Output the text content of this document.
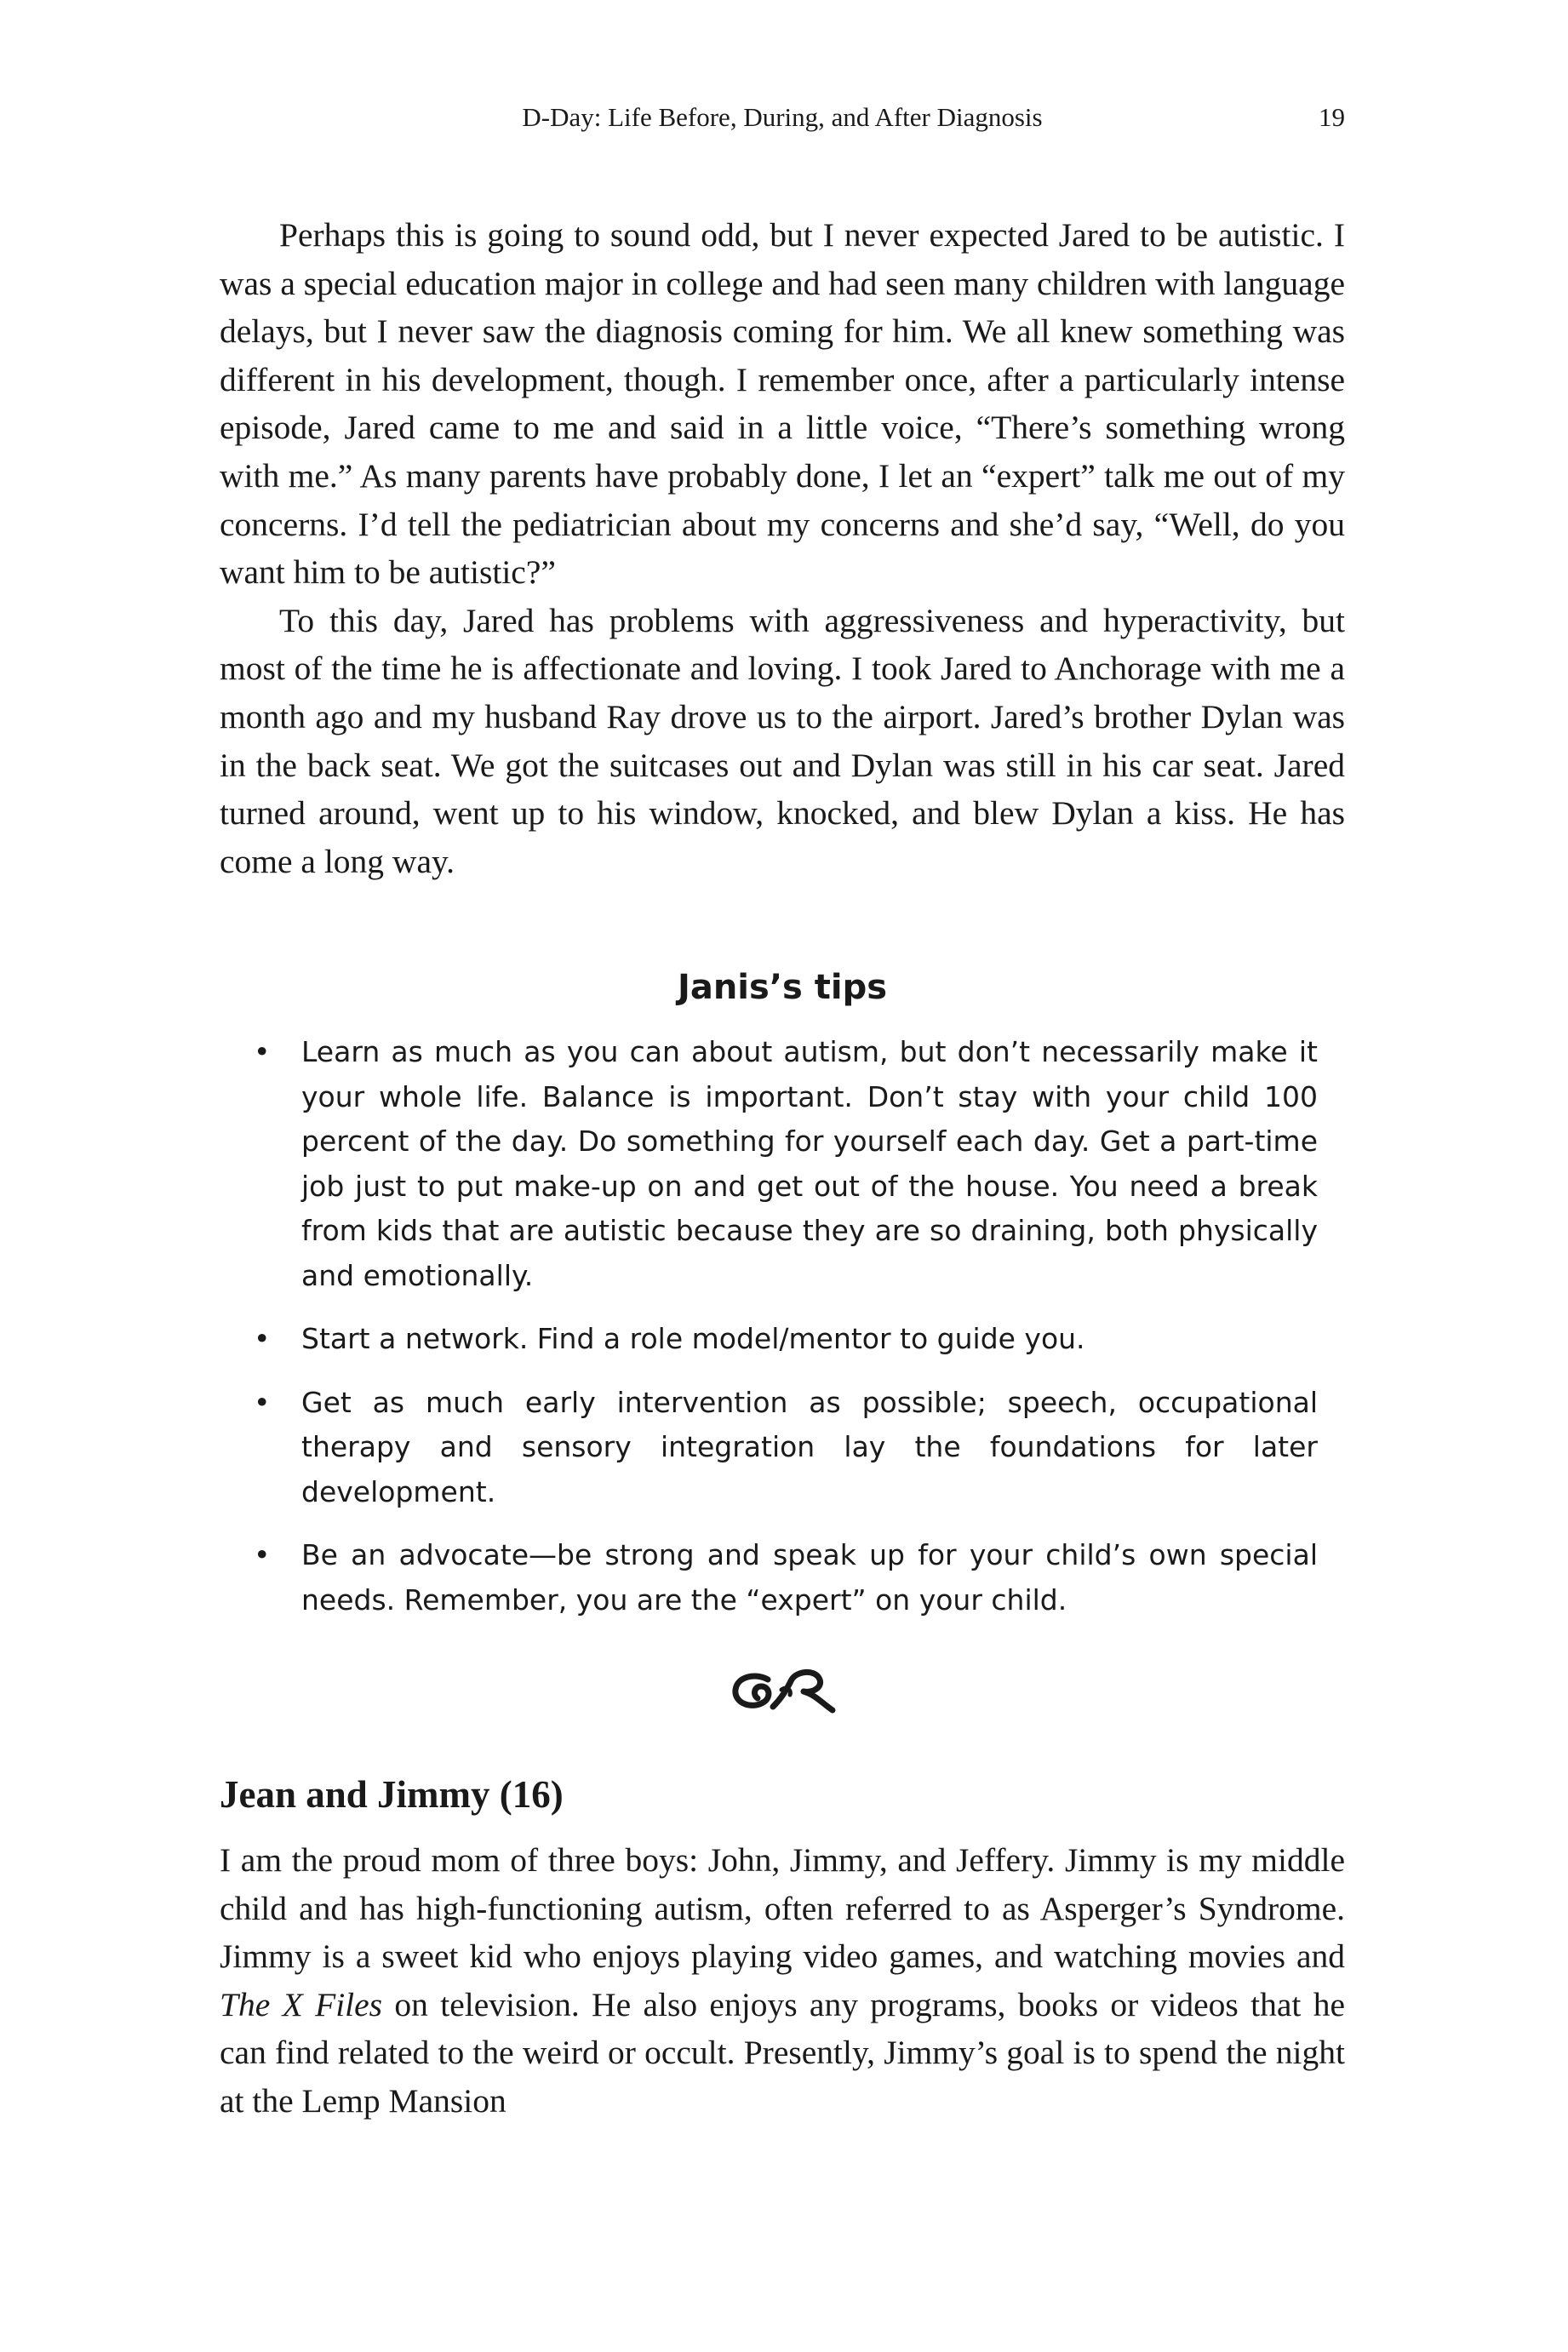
D-Day: Life Before, During, and After Diagnosis	19

Perhaps this is going to sound odd, but I never expected Jared to be autistic. I was a special education major in college and had seen many children with language delays, but I never saw the diagnosis coming for him. We all knew something was different in his development, though. I remember once, after a particularly intense episode, Jared came to me and said in a little voice, “There’s something wrong with me.” As many parents have probably done, I let an “expert” talk me out of my concerns. I’d tell the pediatrician about my concerns and she’d say, “Well, do you want him to be autistic?”

To this day, Jared has problems with aggressiveness and hyperactivity, but most of the time he is affectionate and loving. I took Jared to Anchorage with me a month ago and my husband Ray drove us to the airport. Jared’s brother Dylan was in the back seat. We got the suitcases out and Dylan was still in his car seat. Jared turned around, went up to his window, knocked, and blew Dylan a kiss. He has come a long way.

Janis’s tips
• Learn as much as you can about autism, but don’t necessarily make it your whole life. Balance is important. Don’t stay with your child 100 percent of the day. Do something for yourself each day. Get a part-time job just to put make-up on and get out of the house. You need a break from kids that are autistic because they are so draining, both physically and emotionally.
• Start a network. Find a role model/mentor to guide you.
• Get as much early intervention as possible; speech, occupational therapy and sensory integration lay the foundations for later development.
• Be an advocate—be strong and speak up for your child’s own special needs. Remember, you are the “expert” on your child.
Jean and Jimmy (16)

I am the proud mom of three boys: John, Jimmy, and Jeffery. Jimmy is my middle child and has high-functioning autism, often referred to as Asperger’s Syndrome. Jimmy is a sweet kid who enjoys playing video games, and watching movies and The X Files on television. He also enjoys any programs, books or videos that he can find related to the weird or occult. Presently, Jimmy’s goal is to spend the night at the Lemp Mansion
